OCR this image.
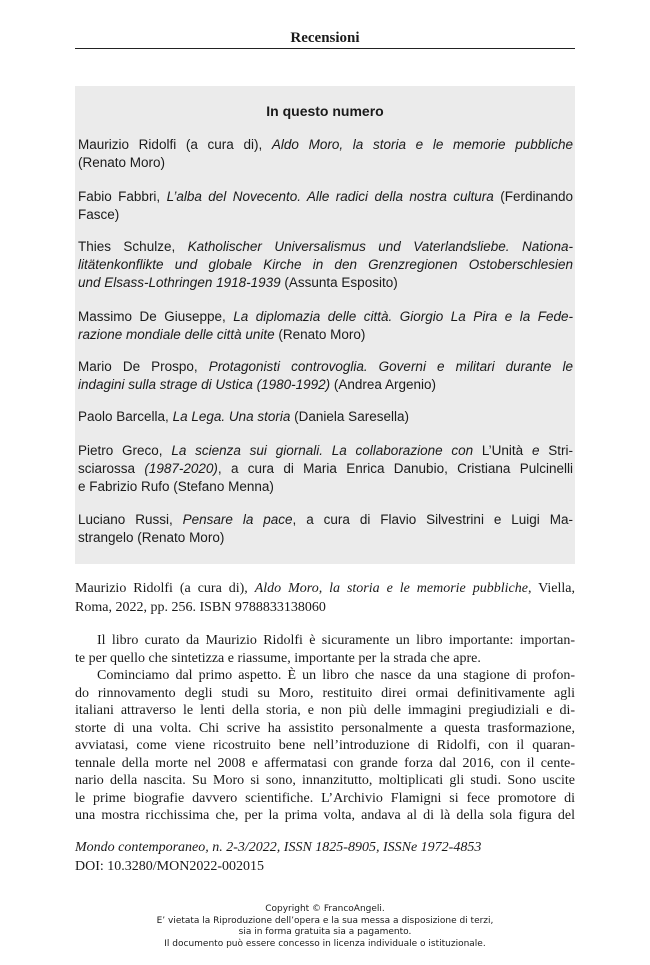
Recensioni
In questo numero
Maurizio Ridolfi (a cura di), Aldo Moro, la storia e le memorie pubbliche
(Renato Moro)
Fabio Fabbri, L’alba del Novecento. Alle radici della nostra cultura (Ferdinando
Fasce)
Thies Schulze, Katholischer Universalismus und Vaterlandsliebe. Nationa-
litätenkonflikte und globale Kirche in den Grenzregionen Ostoberschlesien
und Elsass-Lothringen 1918-1939 (Assunta Esposito)
Massimo De Giuseppe, La diplomazia delle città. Giorgio La Pira e la Fede-
razione mondiale delle città unite (Renato Moro)
Mario De Prospo, Protagonisti controvoglia. Governi e militari durante le
indagini sulla strage di Ustica (1980-1992) (Andrea Argenio)
Paolo Barcella, La Lega. Una storia (Daniela Saresella)
Pietro Greco, La scienza sui giornali. La collaborazione con L’Unità e Stri-
sciarossa (1987-2020), a cura di Maria Enrica Danubio, Cristiana Pulcinelli
e Fabrizio Rufo (Stefano Menna)
Luciano Russi, Pensare la pace, a cura di Flavio Silvestrini e Luigi Ma-
strangelo (Renato Moro)
Maurizio Ridolfi (a cura di), Aldo Moro, la storia e le memorie pubbliche, Viella,
Roma, 2022, pp. 256. ISBN 9788833138060
Il libro curato da Maurizio Ridolfi è sicuramente un libro importante: importan-
te per quello che sintetizza e riassume, importante per la strada che apre.
Cominciamo dal primo aspetto. È un libro che nasce da una stagione di profon-
do rinnovamento degli studi su Moro, restituito direi ormai definitivamente agli
italiani attraverso le lenti della storia, e non più delle immagini pregiudiziali e di-
storte di una volta. Chi scrive ha assistito personalmente a questa trasformazione,
avviatasi, come viene ricostruito bene nell’introduzione di Ridolfi, con il quaran-
tennale della morte nel 2008 e affermatasi con grande forza dal 2016, con il cente-
nario della nascita. Su Moro si sono, innanzitutto, moltiplicati gli studi. Sono uscite
le prime biografie davvero scientifiche. L’Archivio Flamigni si fece promotore di
una mostra ricchissima che, per la prima volta, andava al di là della sola figura del
Mondo contemporaneo, n. 2-3/2022, ISSN 1825-8905, ISSNe 1972-4853
DOI: 10.3280/MON2022-002015
Copyright © FrancoAngeli.
E’ vietata la Riproduzione dell’opera e la sua messa a disposizione di terzi,
sia in forma gratuita sia a pagamento.
Il documento può essere concesso in licenza individuale o istituzionale.
